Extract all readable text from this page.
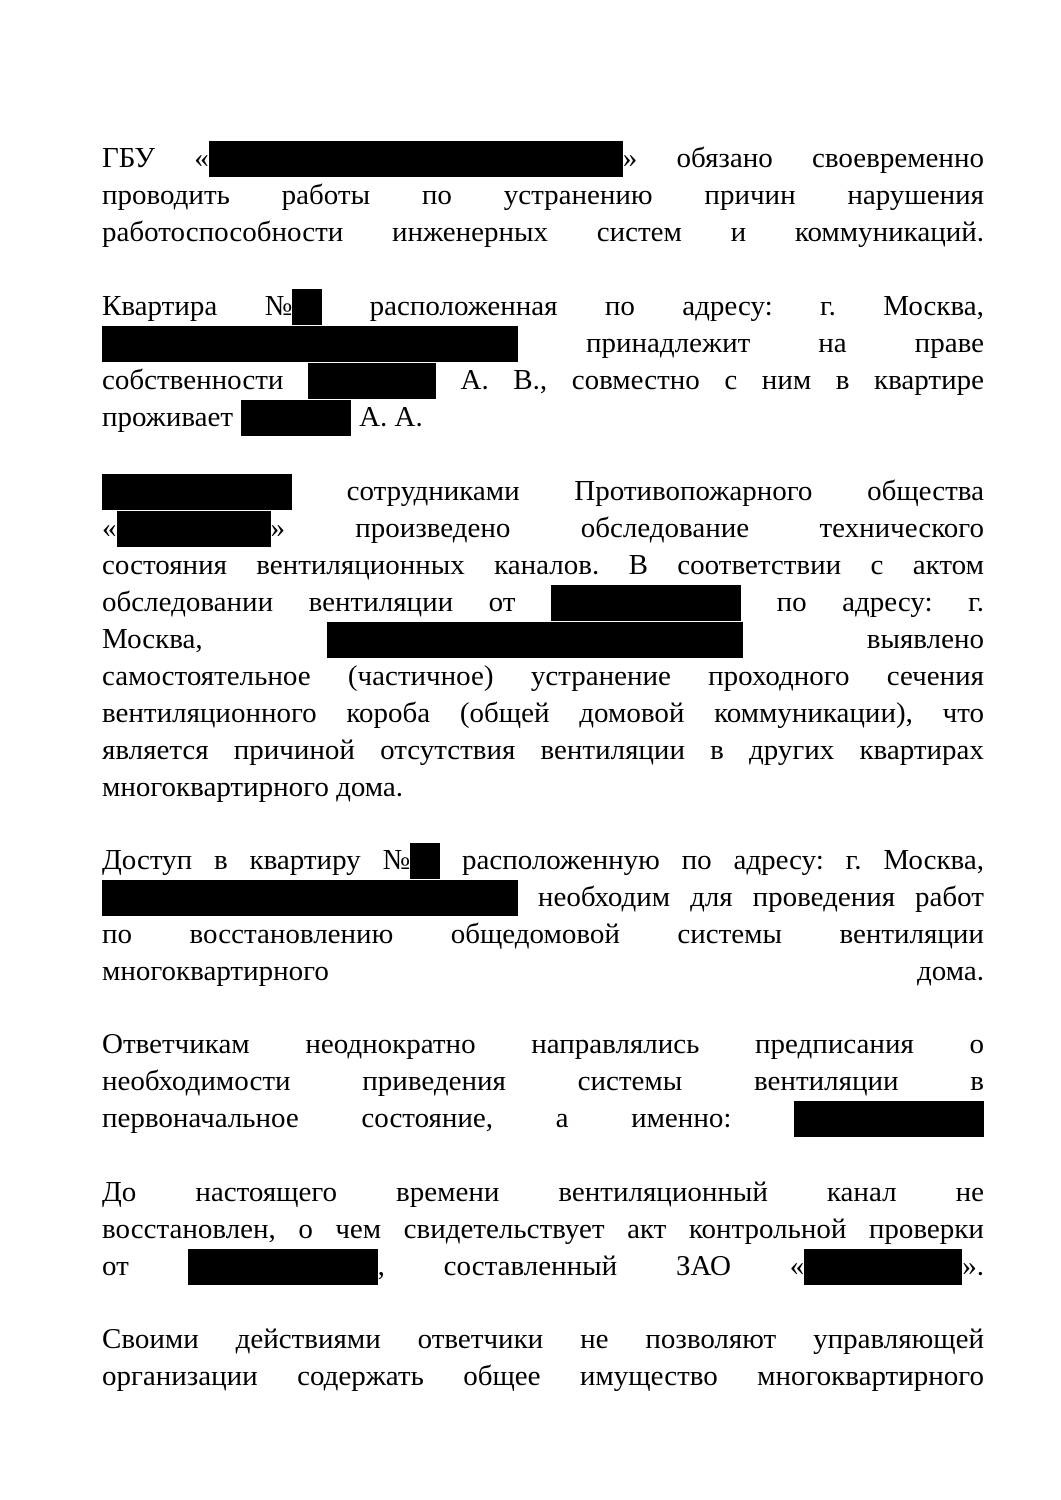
ГБУ «	» обязано своевременно
проводить работы по устранению причин нарушения
работоспособности инженерных систем и коммуникаций.
Квартира №	расположенная по адресу: г. Москва,
принадлежит на праве
собственности	А. В., совместно с ним в квартире
проживает	А. А.
сотрудниками Противопожарного общества
«	» произведено обследование технического
состояния вентиляционных каналов. В соответствии с актом
обследовании вентиляции от	по адресу: г.
Москва,	выявлено
самостоятельное (частичное) устранение проходного сечения
вентиляционного короба (общей домовой коммуникации), что
является причиной отсутствия вентиляции в других квартирах
многоквартирного дома.
Доступ в квартиру № расположенную по адресу: г. Москва,
необходим для проведения работ
по восстановлению общедомовой системы вентиляции
многоквартирного	дома.
Ответчикам неоднократно направлялись предписания о
необходимости приведения системы вентиляции в
первоначальное состояние, а именно:
До настоящего времени вентиляционный канал не
восстановлен, о чем свидетельствует акт контрольной проверки
от	, составленный ЗАО «	».
Своими действиями ответчики не позволяют управляющей
организации содержать общее имущество многоквартирного
